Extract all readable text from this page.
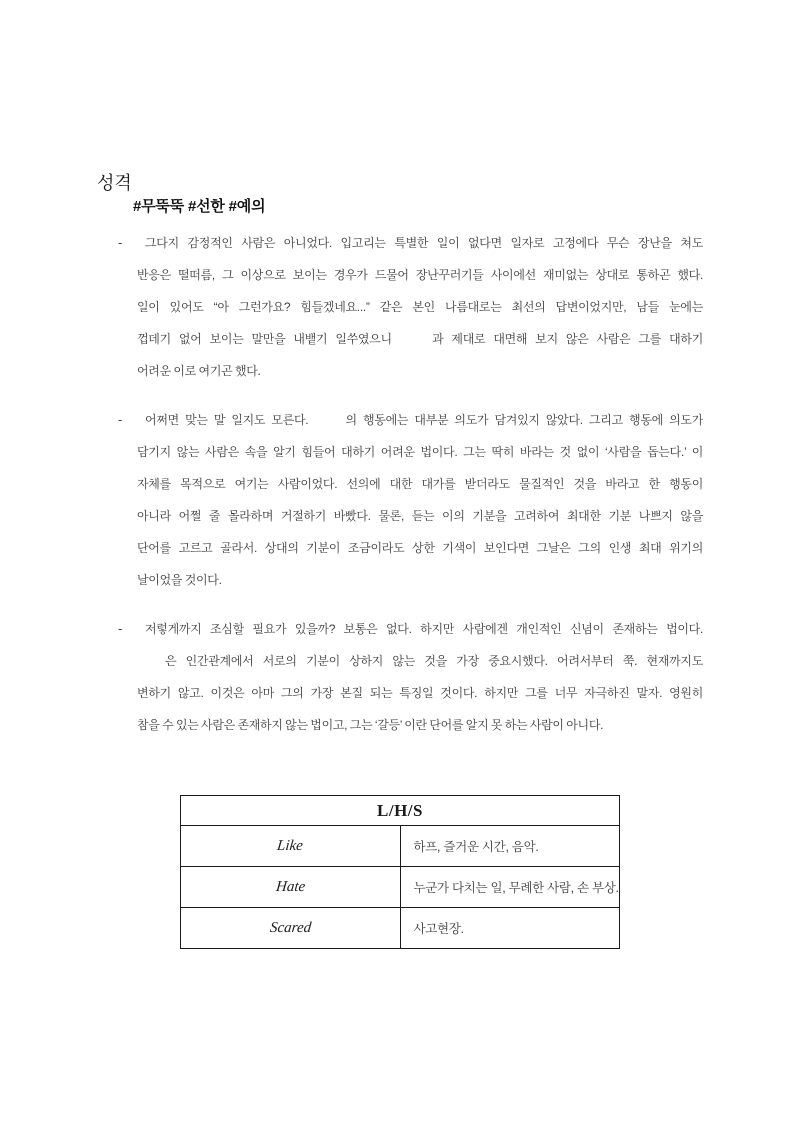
성격
#무뚝뚝 #선한 #예의
-	그다지 감정적인 사람은 아니었다. 입고리는 특별한 일이 없다면 일자로 고정에다 무슨 장난을 쳐도
반응은 떨떠름, 그 이상으로 보이는 경우가 드물어 장난꾸러기들 사이에선 재미없는 상대로 통하곤 했다.
일이 있어도 “아 그런가요? 힘들겠네요...” 같은 본인 나름대로는 최선의 답변이었지만, 남들 눈에는
껍데기 없어 보이는 말만을 내뱉기 일쑤였으니     과 제대로 대면해 보지 않은 사람은 그를 대하기
어려운 이로 여기곤 했다.
-	어쩌면 맞는 말 일지도 모른다.      의 행동에는 대부분 의도가 담겨있지 않았다. 그리고 행동에 의도가
담기지 않는 사람은 속을 알기 힘들어 대하기 어려운 법이다. 그는 딱히 바라는 것 없이 ‘사람을 돕는다.’ 이
자체를 목적으로 여기는 사람이었다. 선의에 대한 대가를 받더라도 물질적인 것을 바라고 한 행동이
아니라 어쩔 줄 몰라하며 거절하기 바빴다. 물론, 듣는 이의 기분을 고려하여 최대한 기분 나쁘지 않을
단어를 고르고 골라서. 상대의 기분이 조금이라도 상한 기색이 보인다면 그날은 그의 인생 최대 위기의
날이었을 것이다.
-	저렇게까지 조심할 필요가 있을까? 보통은 없다. 하지만 사람에겐 개인적인 신념이 존재하는 법이다.
은 인간관계에서 서로의 기분이 상하지 않는 것을 가장 중요시했다. 어려서부터 쭉. 현재까지도
변하기 않고. 이것은 아마 그의 가장 본질 되는 특징일 것이다. 하지만 그를 너무 자극하진 말자. 영원히
참을 수 있는 사람은 존재하지 않는 법이고, 그는 ‘갈등’ 이란 단어를 알지 못 하는 사람이 아니다.
L/H/S	
Like	하프, 즐거운 시간, 음악.
Hate	누군가 다치는 일, 무례한 사람, 손 부상.
Scared	사고현장.
